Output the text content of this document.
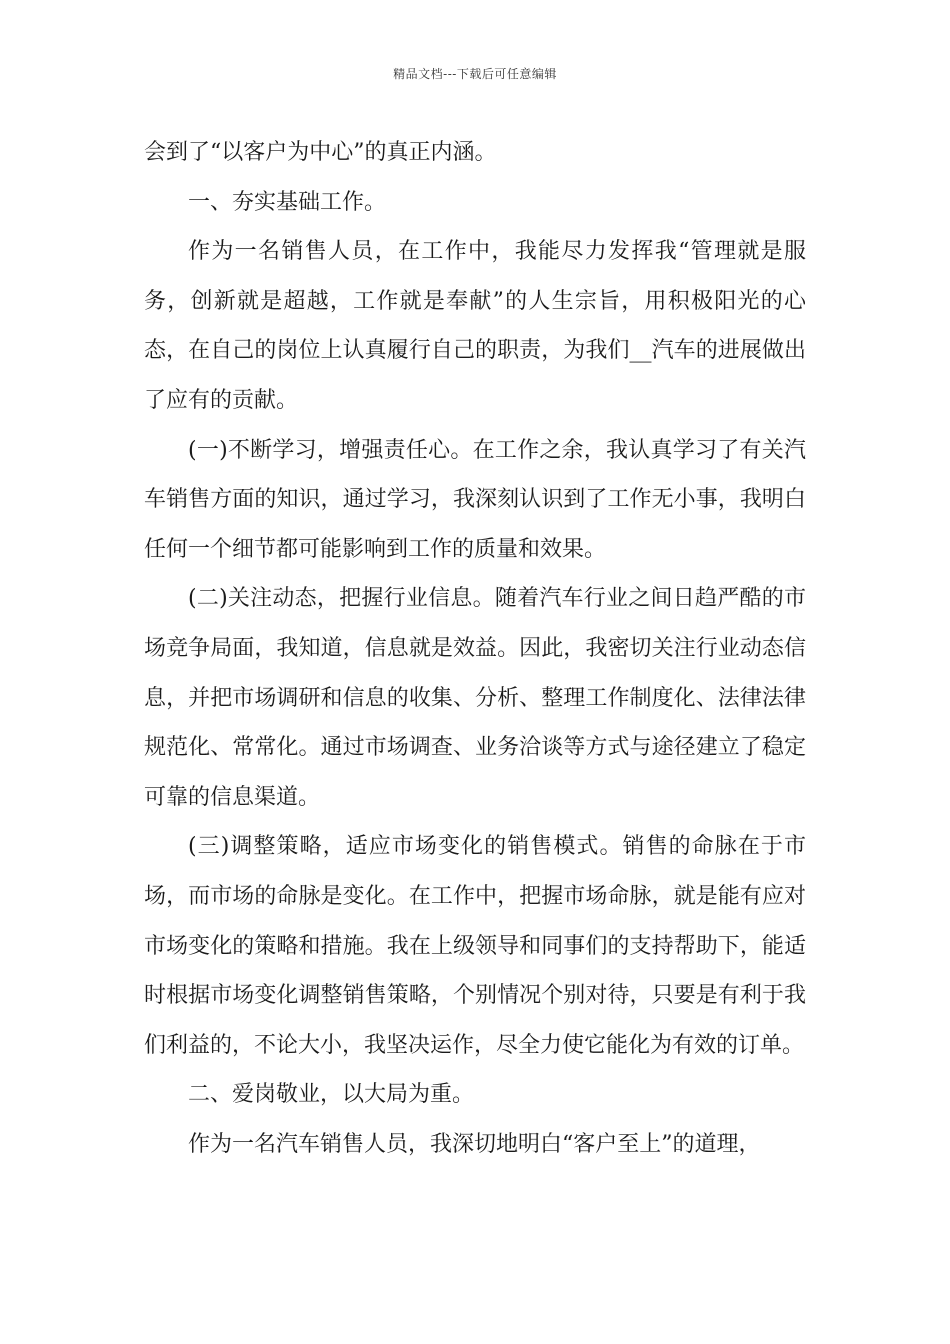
精品文档---下载后可任意编辑

会到了“以客户为中心”的真正内涵。

一、夯实基础工作。

作为一名销售人员，在工作中，我能尽力发挥我“管理就是服务，创新就是超越，工作就是奉献”的人生宗旨，用积极阳光的心态，在自己的岗位上认真履行自己的职责，为我们__汽车的进展做出了应有的贡献。

(一)不断学习，增强责任心。在工作之余，我认真学习了有关汽车销售方面的知识，通过学习，我深刻认识到了工作无小事，我明白任何一个细节都可能影响到工作的质量和效果。

(二)关注动态，把握行业信息。随着汽车行业之间日趋严酷的市场竞争局面，我知道，信息就是效益。因此，我密切关注行业动态信息，并把市场调研和信息的收集、分析、整理工作制度化、法律法律规范化、常常化。通过市场调查、业务洽谈等方式与途径建立了稳定可靠的信息渠道。

(三)调整策略，适应市场变化的销售模式。销售的命脉在于市场，而市场的命脉是变化。在工作中，把握市场命脉，就是能有应对市场变化的策略和措施。我在上级领导和同事们的支持帮助下，能适时根据市场变化调整销售策略，个别情况个别对待，只要是有利于我们利益的，不论大小，我坚决运作，尽全力使它能化为有效的订单。

二、爱岗敬业，以大局为重。

作为一名汽车销售人员，我深切地明白“客户至上”的道理，
